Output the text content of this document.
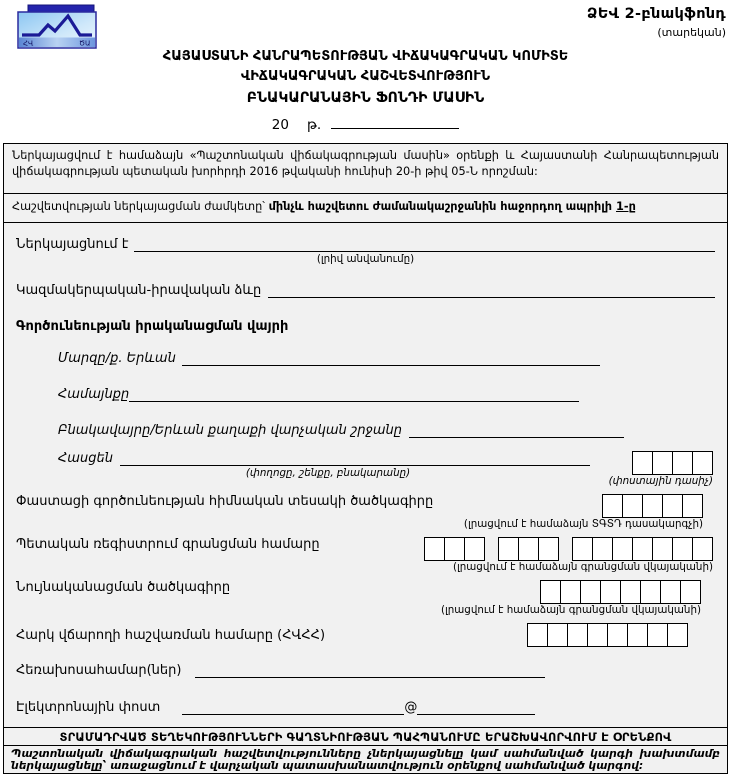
ՀՎ	ԾԱ
ՁԵՎ 2-բնակֆոնդ
(տարեկան)
ՀԱՅԱՍՏԱՆԻ ՀԱՆՐԱՊԵՏՈՒԹՅԱՆ ՎԻՃԱԿԱԳՐԱԿԱՆ ԿՈՄԻՏԵ
ՎԻՃԱԿԱԳՐԱԿԱՆ ՀԱՇՎԵՏՎՈՒԹՅՈՒՆ
ԲՆԱԿԱՐԱՆԱՅԻՆ ՖՈՆԴԻ ՄԱՍԻՆ
20 թ.
Ներկայացվում է համաձայն «Պաշտոնական վիճակագրության մասին» օրենքի և Հայաստանի Հանրապետության վիճակագրության պետական խորհրդի 2016 թվականի հունիսի 20-ի թիվ 05-Ն որոշման:
Հաշվետվության ներկայացման ժամկետը՝ մինչև հաշվետու ժամանակաշրջանին հաջորդող ապրիլի 1-ը
Ներկայացնում է
(լրիվ անվանումը)
Կազմակերպական-իրավական ձևը
Գործունեության իրականացման վայրի
Մարզը/ք. Երևան
Համայնքը
Բնակավայրը/Երևան քաղաքի վարչական շրջանը
Հասցեն
(փողոցը, շենքը, բնակարանը)
(փոստային դասիչ)
Փաստացի գործունեության հիմնական տեսակի ծածկագիրը
(լրացվում է համաձայն ՏԳՏԴ դասակարգչի)
Պետական ռեգիստրում գրանցման համարը
(լրացվում է համաձայն գրանցման վկայականի)
Նույնականացման ծածկագիրը
(լրացվում է համաձայն գրանցման վկայականի)
Հարկ վճարողի հաշվառման համարը (ՀՎՀՀ)
Հեռախոսահամար(ներ)
Էլեկտրոնային փոստ	@
ՏՐԱՄԱԴՐՎԱԾ ՏԵՂԵԿՈՒԹՅՈՒՆՆԵՐԻ ԳԱՂՏՆԻՈՒԹՅԱՆ ՊԱՀՊԱՆՈՒՄԸ ԵՐԱՇԽԱՎՈՐՎՈՒՄ Է ՕՐԵՆՔՈՎ
Պաշտոնական վիճակագրական հաշվետվությունները չներկայացնելը կամ սահմանված կարգի խախտմամբ ներկայացնելը՝ առաջացնում է վարչական պատասխանատվություն օրենքով սահմանված կարգով:
